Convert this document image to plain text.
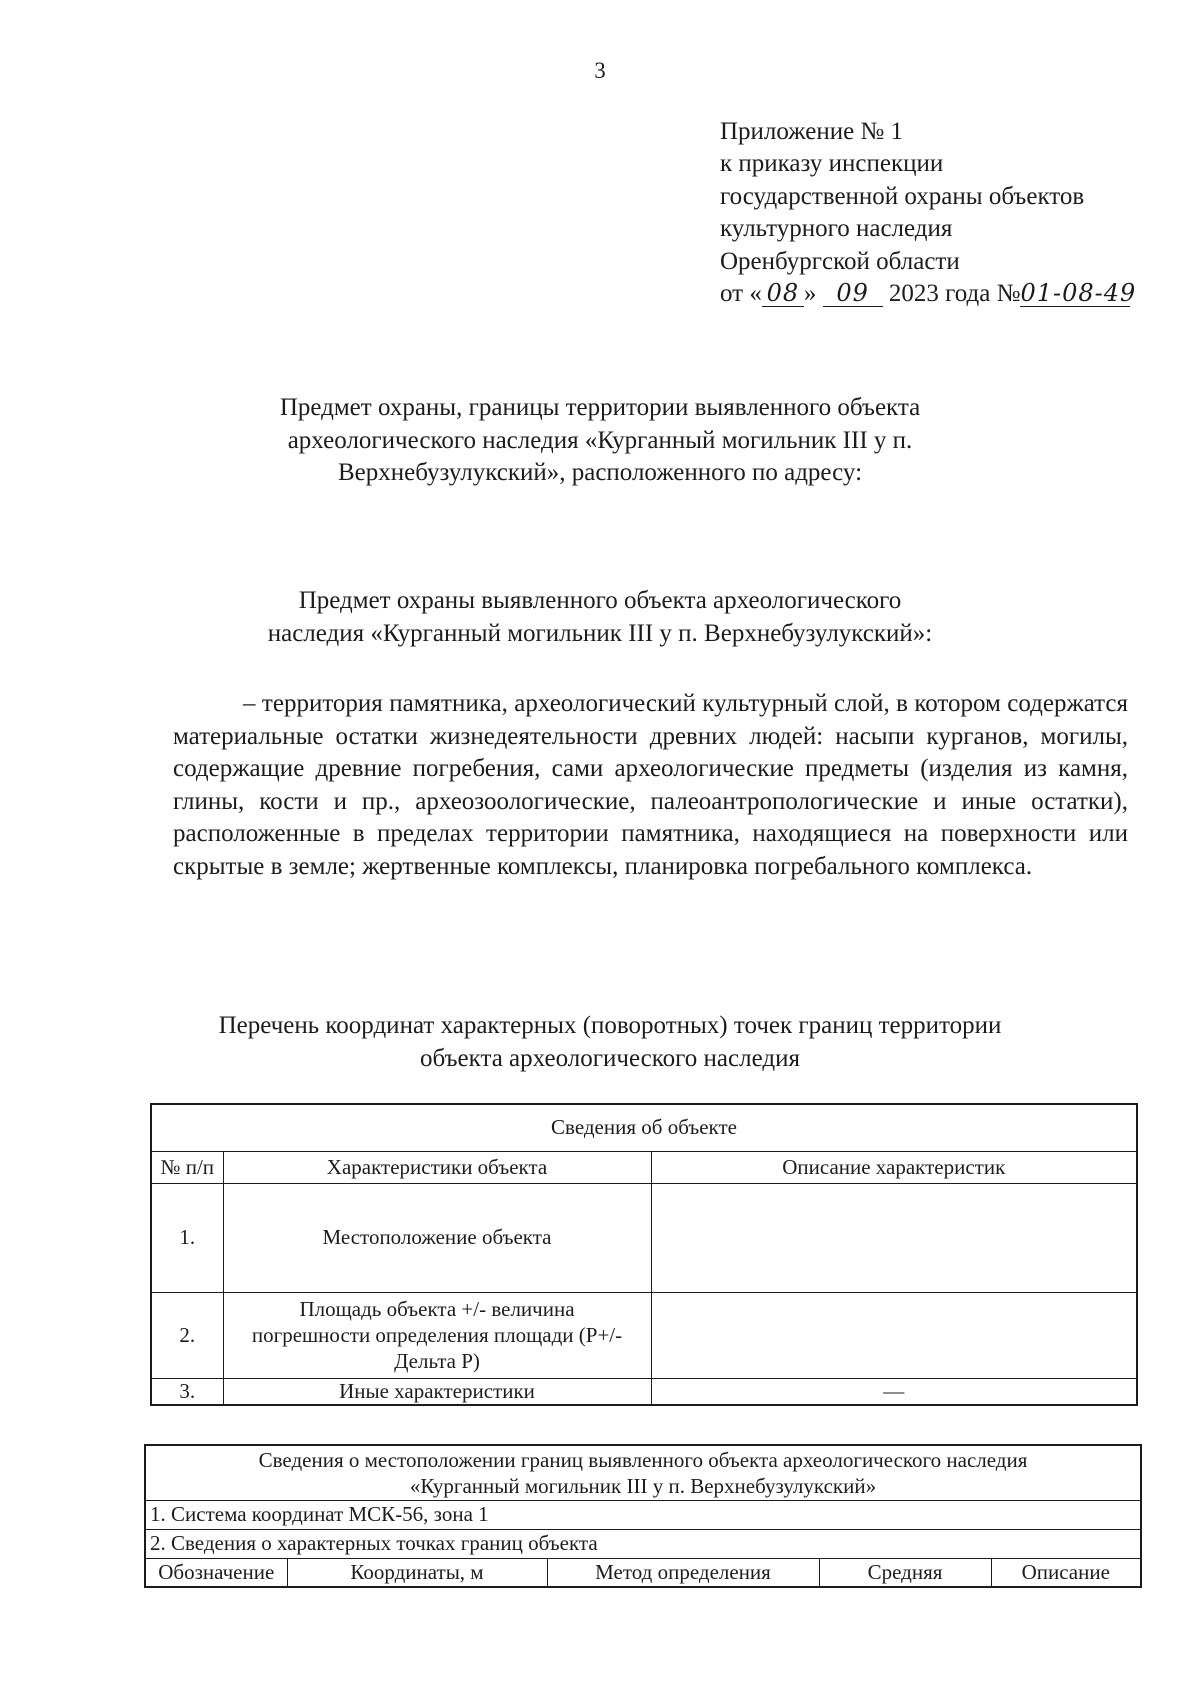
3
Приложение № 1
к приказу инспекции
государственной охраны объектов
культурного наследия
Оренбургской области
от « 08 » 09 2023 года №01-08-49
Предмет охраны, границы территории выявленного объекта
археологического наследия «Курганный могильник III у п.
Верхнебузулукский», расположенного по адресу:
Предмет охраны выявленного объекта археологического
наследия «Курганный могильник III у п. Верхнебузулукский»:
– территория памятника, археологический культурный слой, в котором содержатся материальные остатки жизнедеятельности древних людей: насыпи курганов, могилы, содержащие древние погребения, сами археологические предметы (изделия из камня, глины, кости и пр., археозоологические, палеоантропологические и иные остатки), расположенные в пределах территории памятника, находящиеся на поверхности или скрытые в земле; жертвенные комплексы, планировка погребального комплекса.
Перечень координат характерных (поворотных) точек границ территории
объекта археологического наследия
Сведения об объекте		
№ п/п	Характеристики объекта	Описание характеристик
1.	Местоположение объекта	
2.	Площадь объекта +/- величина погрешности определения площади (P+/- Дельта P)	
3.	Иные характеристики	—
Сведения о местоположении границ выявленного объекта археологического наследия
«Курганный могильник III у п. Верхнебузулукский»

1. Система координат МСК-56, зона 1
2. Сведения о характерных точках границ объекта
Обозначение	Координаты, м	Метод определения	Средняя	Описание
